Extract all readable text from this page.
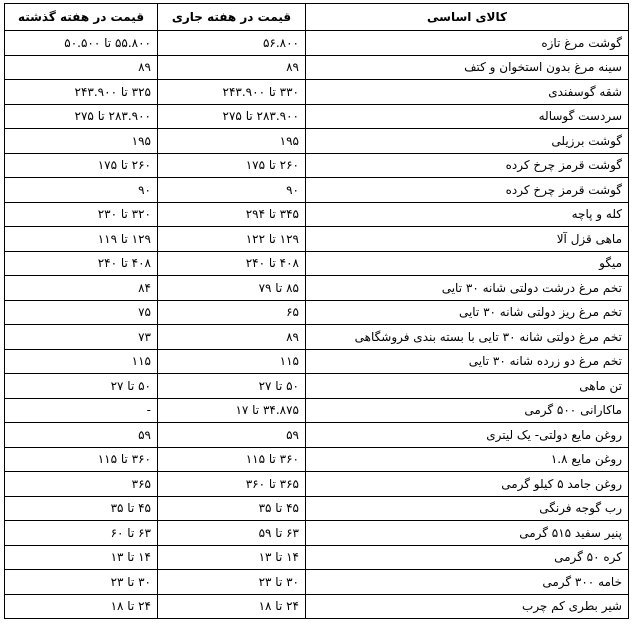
کالای اساسی	قیمت در هفته جاری	قیمت در هفته گذشته
گوشت مرغ تازه	۵۶.۸۰۰	۵۵.۸۰۰ تا ۵۰.۵۰۰
سینه مرغ بدون استخوان و کتف	۸۹	۸۹
شقه گوسفندی	۳۳۰ تا ۲۴۳.۹۰۰	۳۲۵ تا ۲۴۳.۹۰۰
سردست گوساله	۲۸۳.۹۰۰ تا ۲۷۵	۲۸۳.۹۰۰ تا ۲۷۵
گوشت برزیلی	۱۹۵	۱۹۵
گوشت قرمز چرخ کرده	۲۶۰ تا ۱۷۵	۲۶۰ تا ۱۷۵
گوشت قرمز چرخ کرده	۹۰	۹۰
کله و پاچه	۳۴۵ تا ۲۹۴	۳۲۰ تا ۲۳۰
ماهی قزل آلا	۱۲۹ تا ۱۲۲	۱۲۹ تا ۱۱۹
میگو	۴۰۸ تا ۲۴۰	۴۰۸ تا ۲۴۰
تخم مرغ درشت دولتی شانه ۳۰ تایی	۸۵ تا ۷۹	۸۴
تخم مرغ ریز دولتی شانه ۳۰ تایی	۶۵	۷۵
تخم مرغ دولتی شانه ۳۰ تایی با بسته بندی فروشگاهی	۸۹	۷۳
تخم مرغ دو زرده شانه ۳۰ تایی	۱۱۵	۱۱۵
تن ماهی	۵۰ تا ۲۷	۵۰ تا ۲۷
ماکارانی ۵۰۰ گرمی	۳۴.۸۷۵ تا ۱۷	-
روغن مایع دولتی- یک لیتری	۵۹	۵۹
روغن مایع ۱.۸	۳۶۰ تا ۱۱۵	۳۶۰ تا ۱۱۵
روغن جامد ۵ کیلو گرمی	۳۶۵ تا ۳۶۰	۳۶۵
رب گوجه فرنگی	۴۵ تا ۳۵	۴۵ تا ۳۵
پنیر سفید ۵۱۵ گرمی	۶۳ تا ۵۹	۶۳ تا ۶۰
کره ۵۰ گرمی	۱۴ تا ۱۳	۱۴ تا ۱۳
خامه ۳۰۰ گرمی	۳۰ تا ۲۳	۳۰ تا ۲۳
شیر بطری کم چرب	۲۴ تا ۱۸	۲۴ تا ۱۸
